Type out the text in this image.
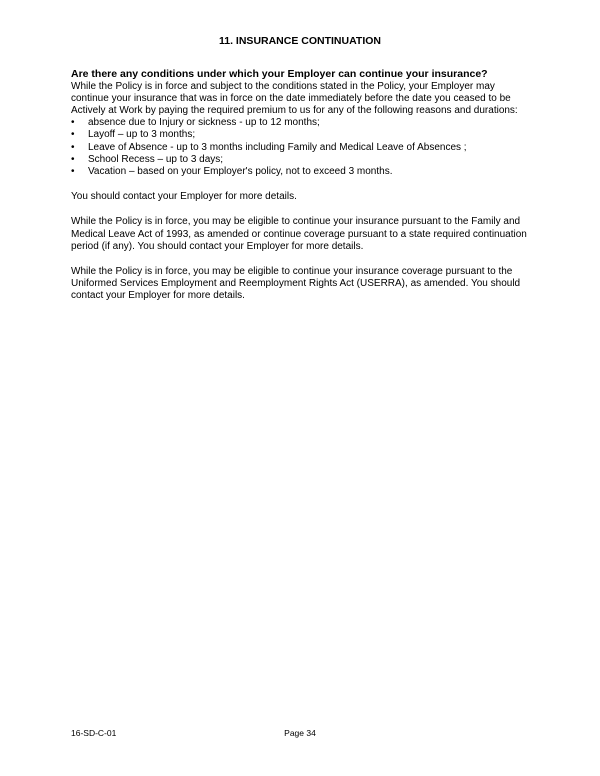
11. INSURANCE CONTINUATION

Are there any conditions under which your Employer can continue your insurance?

While the Policy is in force and subject to the conditions stated in the Policy, your Employer may continue your insurance that was in force on the date immediately before the date you ceased to be Actively at Work by paying the required premium to us for any of the following reasons and durations:

• absence due to Injury or sickness - up to 12 months;
• Layoff – up to 3 months;
• Leave of Absence - up to 3 months including Family and Medical Leave of Absences ;
• School Recess – up to 3 days;
• Vacation – based on your Employer's policy, not to exceed 3 months.

You should contact your Employer for more details.

While the Policy is in force, you may be eligible to continue your insurance pursuant to the Family and Medical Leave Act of 1993, as amended or continue coverage pursuant to a state required continuation period (if any). You should contact your Employer for more details.

While the Policy is in force, you may be eligible to continue your insurance coverage pursuant to the Uniformed Services Employment and Reemployment Rights Act (USERRA), as amended. You should contact your Employer for more details.

16-SD-C-01	Page 34
